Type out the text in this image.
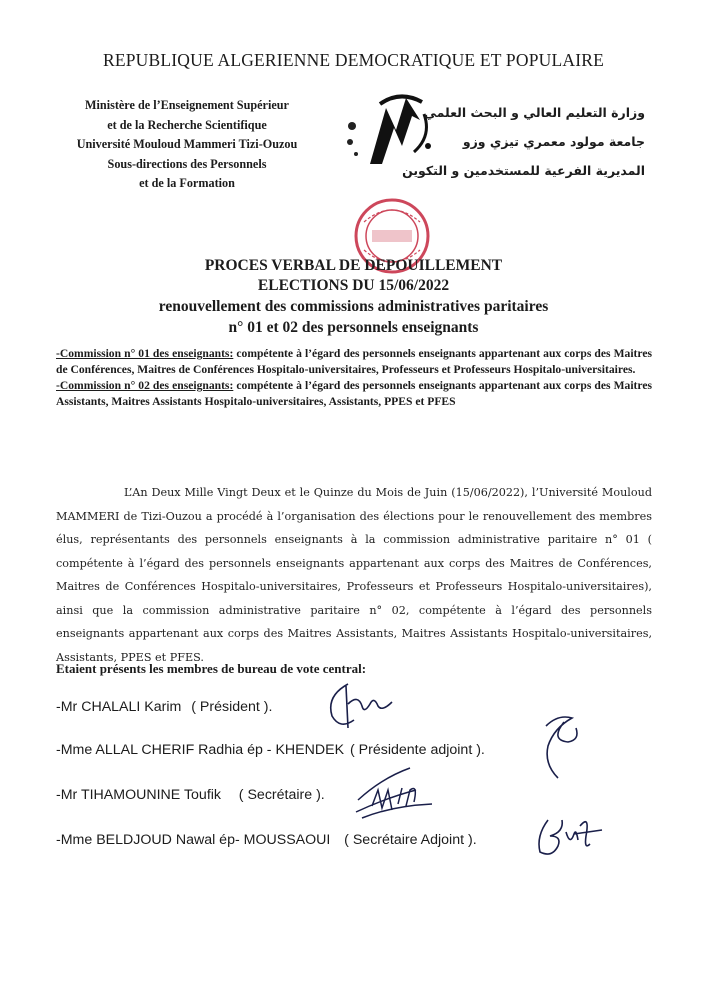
REPUBLIQUE ALGERIENNE DEMOCRATIQUE ET POPULAIRE
Ministère de l’Enseignement Supérieur
et de la Recherche Scientifique
Université Mouloud Mammeri Tizi-Ouzou
Sous-directions des Personnels
et de la Formation
وزارة التعليم العالي و البحث العلمي
جامعة مولود معمري تيزي وزو
المديرية الفرعية للمستخدمين و التكوين
PROCES VERBAL DE DEPOUILLEMENT
ELECTIONS DU 15/06/2022
renouvellement des commissions administratives paritaires
n° 01 et 02 des personnels enseignants

-Commission n° 01 des enseignants: compétente à l’égard des personnels enseignants appartenant aux corps des Maitres de Conférences, Maitres de Conférences Hospitalo-universitaires, Professeurs et Professeurs Hospitalo-universitaires.

-Commission n° 02 des enseignants: compétente à l’égard des personnels enseignants appartenant aux corps des Maitres Assistants, Maitres Assistants Hospitalo-universitaires, Assistants, PPES et PFES

L’An Deux Mille Vingt Deux et le Quinze du Mois de Juin (15/06/2022), l’Université Mouloud MAMMERI de Tizi-Ouzou a procédé à l’organisation des élections pour le renouvellement des membres élus, représentants des personnels enseignants à la commission administrative paritaire n° 01 ( compétente à l’égard des personnels enseignants appartenant aux corps des Maitres de Conférences, Maitres de Conférences Hospitalo-universitaires, Professeurs et Professeurs Hospitalo-universitaires), ainsi que la commission administrative paritaire n° 02, compétente à l’égard des personnels enseignants appartenant aux corps des Maitres Assistants, Maitres Assistants Hospitalo-universitaires, Assistants, PPES et PFES.
Etaient présents les membres de bureau de vote central:
-Mr CHALALI Karim ( Président ).
-Mme ALLAL CHERIF Radhia ép - KHENDEK ( Présidente adjoint ).
-Mr TIHAMOUNINE Toufik ( Secrétaire ).
-Mme BELDJOUD Nawal ép- MOUSSAOUI ( Secrétaire Adjoint ).
